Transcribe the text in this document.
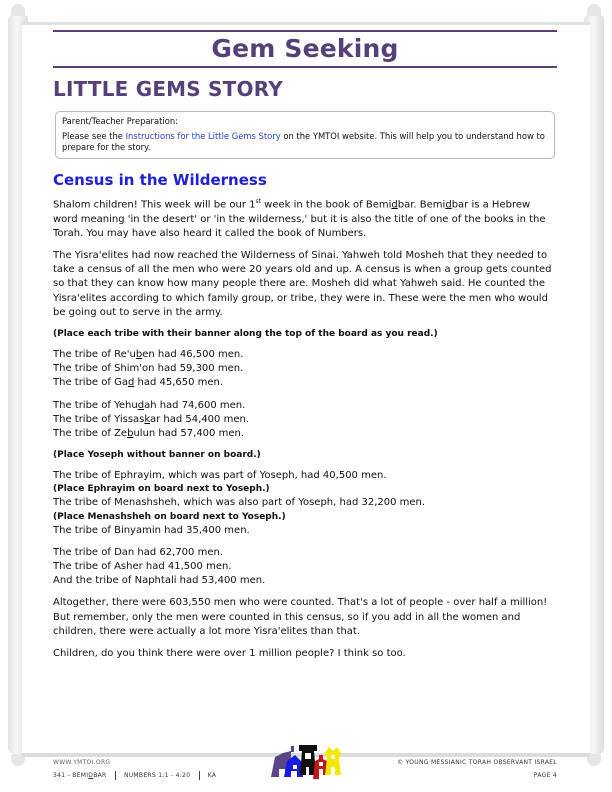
Gem Seeking
LITTLE GEMS STORY
Parent/Teacher Preparation:
Please see the Instructions for the Little Gems Story on the YMTOI website. This will help you to understand how to prepare for the story.
Census in the Wilderness

Shalom children! This week will be our 1st week in the book of Bemidbar. Bemidbar is a Hebrew word meaning 'in the desert' or 'in the wilderness,' but it is also the title of one of the books in the Torah. You may have also heard it called the book of Numbers.

The Yisra'elites had now reached the Wilderness of Sinai. Yahweh told Mosheh that they needed to take a census of all the men who were 20 years old and up. A census is when a group gets counted so that they can know how many people there are. Mosheh did what Yahweh said. He counted the Yisra'elites according to which family group, or tribe, they were in. These were the men who would be going out to serve in the army.

(Place each tribe with their banner along the top of the board as you read.)

The tribe of Re'uben had 46,500 men.
The tribe of Shim'on had 59,300 men.
The tribe of Gad had 45,650 men.
The tribe of Yehudah had 74,600 men.
The tribe of Yissaskar had 54,400 men.
The tribe of Zebulun had 57,400 men.

(Place Yoseph without banner on board.)

The tribe of Ephrayim, which was part of Yoseph, had 40,500 men.
(Place Ephrayim on board next to Yoseph.)
The tribe of Menashsheh, which was also part of Yoseph, had 32,200 men.
(Place Menashsheh on board next to Yoseph.)
The tribe of Binyamin had 35,400 men.
The tribe of Dan had 62,700 men.
The tribe of Asher had 41,500 men.
And the tribe of Naphtali had 53,400 men.

Altogether, there were 603,550 men who were counted. That's a lot of people - over half a million! But remember, only the men were counted in this census, so if you add in all the women and children, there were actually a lot more Yisra'elites than that.

Children, do you think there were over 1 million people? I think so too.

WWW.YMTOI.ORG
341 - BEMIDBAR	NUMBERS 1:1 - 4:20	KA
© YOUNG MESSIANIC TORAH OBSERVANT ISRAEL
PAGE 4
